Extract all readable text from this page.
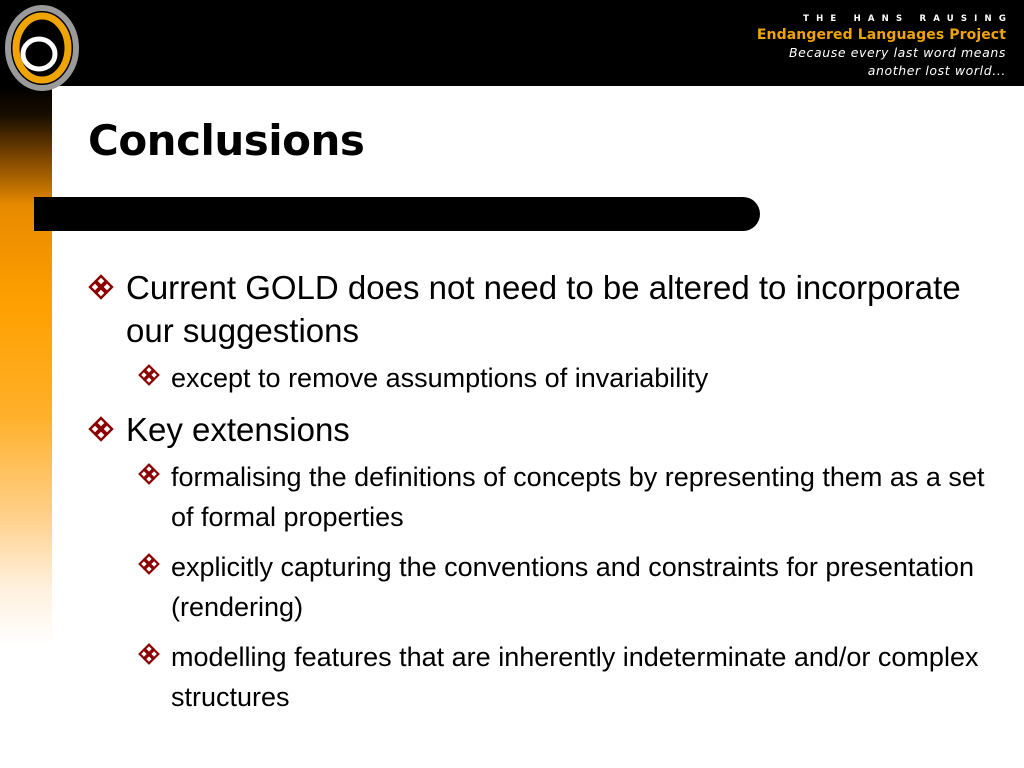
THE HANS RAUSING
Endangered Languages Project
Because every last word means
another lost world...
Conclusions
Current GOLD does not need to be altered to incorporate our suggestions
except to remove assumptions of invariability
Key extensions
formalising the definitions of concepts by representing them as a set of formal properties
explicitly capturing the conventions and constraints for presentation (rendering)
modelling features that are inherently indeterminate and/or complex structures
